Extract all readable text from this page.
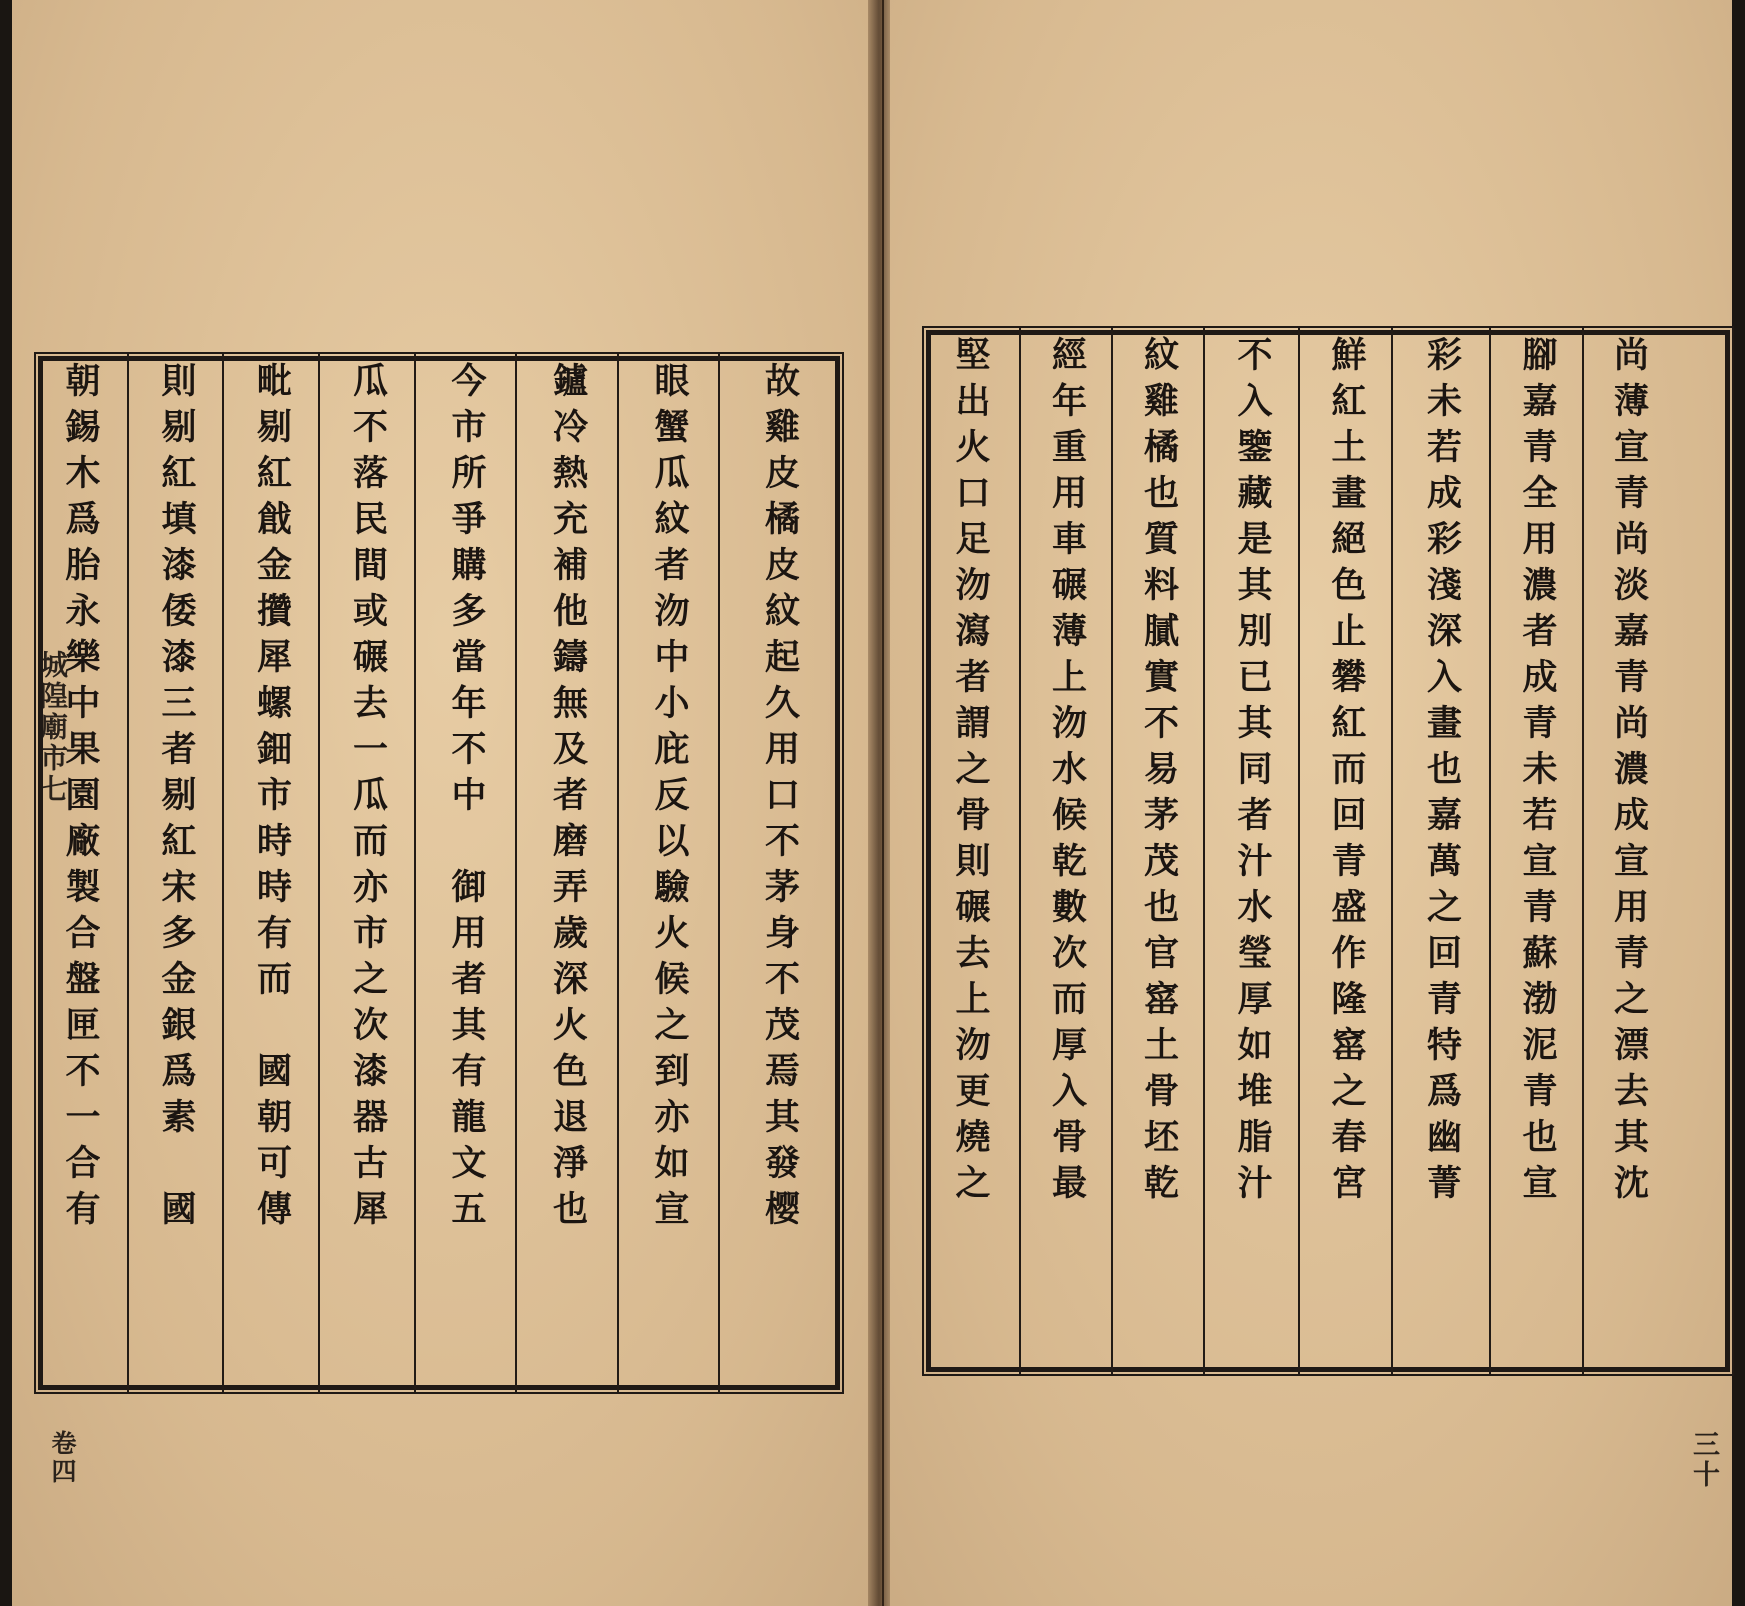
城隍廟市七
卷四	三十
朝錫木爲胎永樂中果園廠製合盤匣不一合有 則剔紅填漆倭漆三者剔紅宋多金銀爲素　國 毗剔紅戧金攢犀螺鈿市時時有而　國朝可傳 瓜不落民間或碾去一瓜而亦市之次漆器古犀 今市所爭購多當年不中　御用者其有龍文五 鑪冷熱充補他鑄無及者磨弄歲深火色退淨也 眼蟹瓜紋者沕中小庇反以驗火候之到亦如宣 故雞皮橘皮紋起久用口不茅身不茂焉其發樱	堅出火口足沕瀉者謂之骨則碾去上沕更燒之 經年重用車碾薄上沕水候乾數次而厚入骨最 紋雞橘也質料膩實不易茅茂也官窰土骨坯乾 不入鑒藏是其別已其同者汁水瑩厚如堆脂汁 鮮紅土畫絕色止礬紅而回青盛作隆窰之春宮 彩未若成彩淺深入畫也嘉萬之回青特爲幽菁 腳嘉青全用濃者成青未若宣青蘇渤泥青也宣 尚薄宣青尚淡嘉青尚濃成宣用青之漂去其沈
